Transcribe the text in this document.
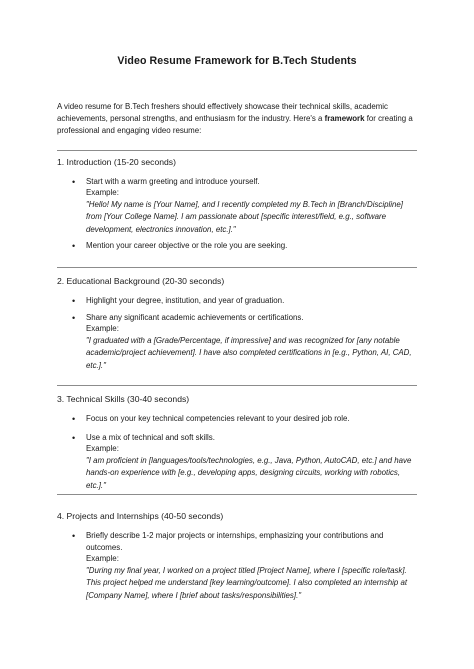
Video Resume Framework for B.Tech Students
A video resume for B.Tech freshers should effectively showcase their technical skills, academic achievements, personal strengths, and enthusiasm for the industry. Here's a framework for creating a professional and engaging video resume:
1. Introduction (15-20 seconds)
• Start with a warm greeting and introduce yourself.
Example:
"Hello! My name is [Your Name], and I recently completed my B.Tech in [Branch/Discipline] from [Your College Name]. I am passionate about [specific interest/field, e.g., software development, electronics innovation, etc.]."
• Mention your career objective or the role you are seeking.
2. Educational Background (20-30 seconds)
• Highlight your degree, institution, and year of graduation.
• Share any significant academic achievements or certifications.
Example:
"I graduated with a [Grade/Percentage, if impressive] and was recognized for [any notable academic/project achievement]. I have also completed certifications in [e.g., Python, AI, CAD, etc.]."
3. Technical Skills (30-40 seconds)
• Focus on your key technical competencies relevant to your desired job role.
• Use a mix of technical and soft skills.
Example:
"I am proficient in [languages/tools/technologies, e.g., Java, Python, AutoCAD, etc.] and have hands-on experience with [e.g., developing apps, designing circuits, working with robotics, etc.]."
4. Projects and Internships (40-50 seconds)
• Briefly describe 1-2 major projects or internships, emphasizing your contributions and outcomes.
Example:
"During my final year, I worked on a project titled [Project Name], where I [specific role/task]. This project helped me understand [key learning/outcome]. I also completed an internship at [Company Name], where I [brief about tasks/responsibilities]."
